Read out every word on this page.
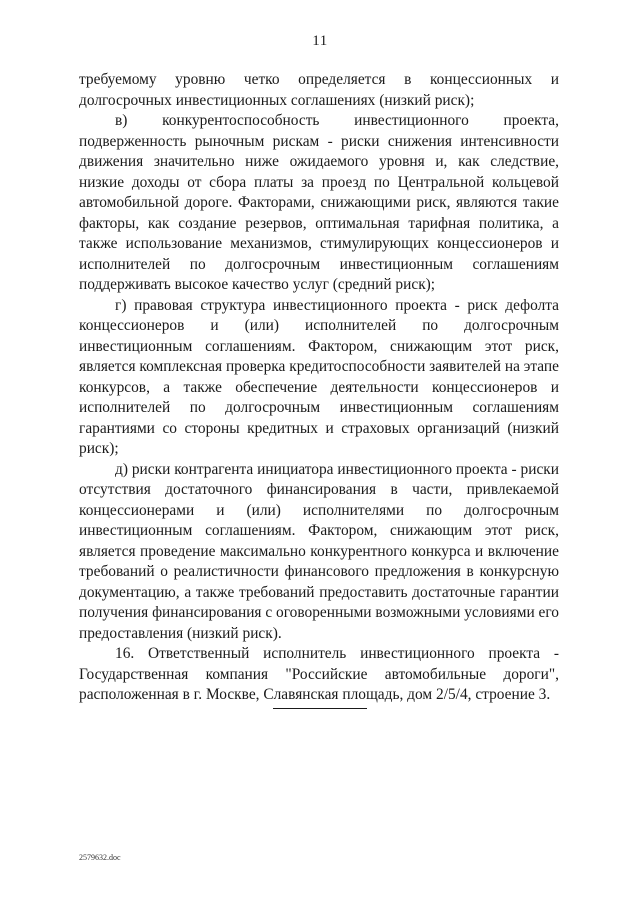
11

требуемому уровню четко определяется в концессионных и долгосрочных инвестиционных соглашениях (низкий риск);

в) конкурентоспособность инвестиционного проекта, подверженность рыночным рискам - риски снижения интенсивности движения значительно ниже ожидаемого уровня и, как следствие, низкие доходы от сбора платы за проезд по Центральной кольцевой автомобильной дороге. Факторами, снижающими риск, являются такие факторы, как создание резервов, оптимальная тарифная политика, а также использование механизмов, стимулирующих концессионеров и исполнителей по долгосрочным инвестиционным соглашениям поддерживать высокое качество услуг (средний риск);

г) правовая структура инвестиционного проекта - риск дефолта концессионеров и (или) исполнителей по долгосрочным инвестиционным соглашениям. Фактором, снижающим этот риск, является комплексная проверка кредитоспособности заявителей на этапе конкурсов, а также обеспечение деятельности концессионеров и исполнителей по долгосрочным инвестиционным соглашениям гарантиями со стороны кредитных и страховых организаций (низкий риск);

д) риски контрагента инициатора инвестиционного проекта - риски отсутствия достаточного финансирования в части, привлекаемой концессионерами и (или) исполнителями по долгосрочным инвестиционным соглашениям. Фактором, снижающим этот риск, является проведение максимально конкурентного конкурса и включение требований о реалистичности финансового предложения в конкурсную документацию, а также требований предоставить достаточные гарантии получения финансирования с оговоренными возможными условиями его предоставления (низкий риск).

16. Ответственный исполнитель инвестиционного проекта - Государственная компания "Российские автомобильные дороги", расположенная в г. Москве, Славянская площадь, дом 2/5/4, строение 3.

2579632.doc
